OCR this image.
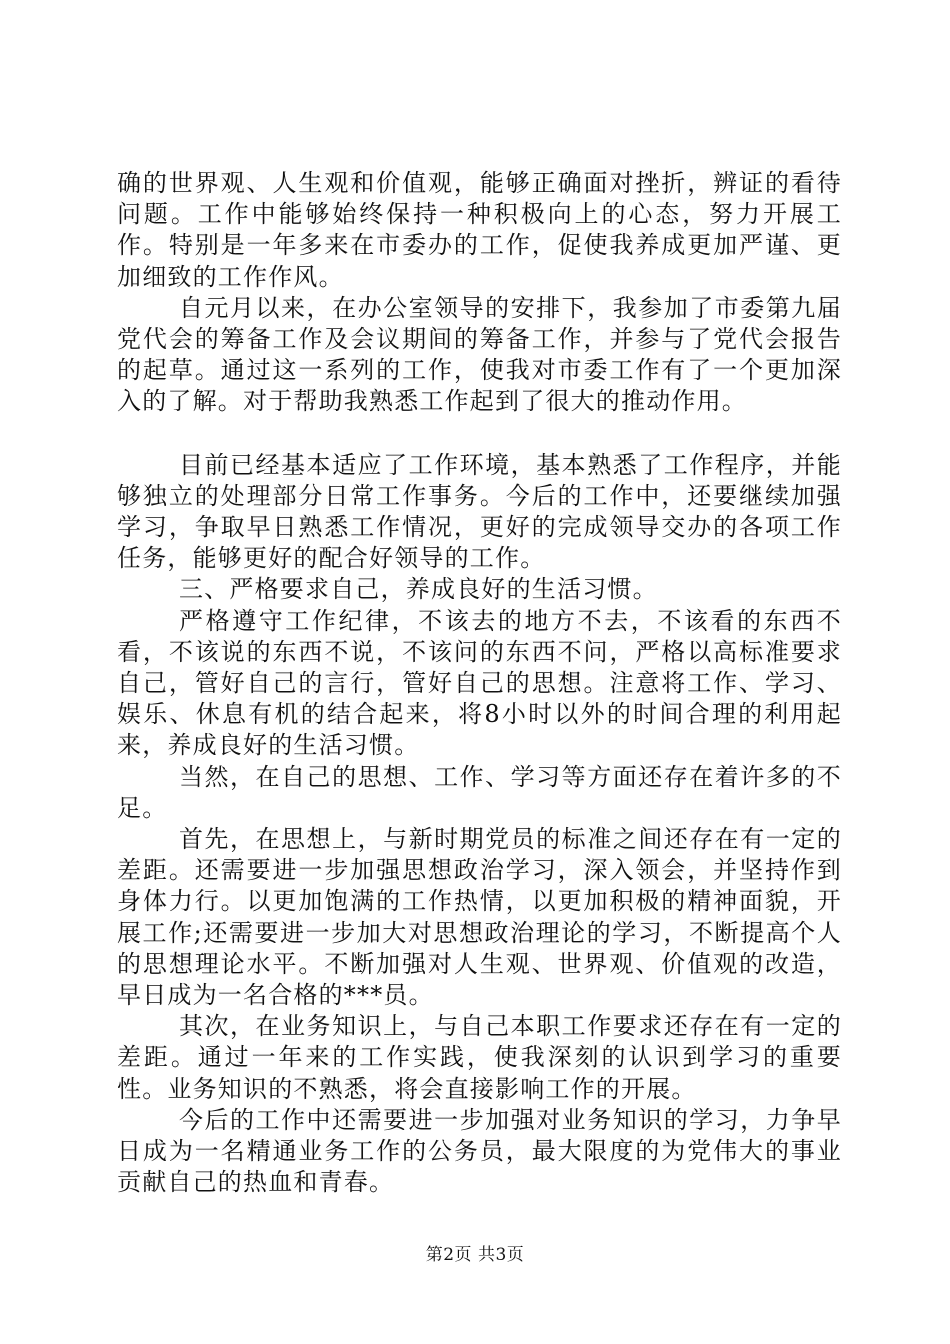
确的世界观、人生观和价值观，能够正确面对挫折，辨证的看待问题。工作中能够始终保持一种积极向上的心态，努力开展工作。特别是一年多来在市委办的工作，促使我养成更加严谨、更加细致的工作作风。

自元月以来，在办公室领导的安排下，我参加了市委第九届党代会的筹备工作及会议期间的筹备工作，并参与了党代会报告的起草。通过这一系列的工作，使我对市委工作有了一个更加深入的了解。对于帮助我熟悉工作起到了很大的推动作用。

目前已经基本适应了工作环境，基本熟悉了工作程序，并能够独立的处理部分日常工作事务。今后的工作中，还要继续加强学习，争取早日熟悉工作情况，更好的完成领导交办的各项工作任务，能够更好的配合好领导的工作。

三、严格要求自己，养成良好的生活习惯。

严格遵守工作纪律，不该去的地方不去，不该看的东西不看，不该说的东西不说，不该问的东西不问，严格以高标准要求自己，管好自己的言行，管好自己的思想。注意将工作、学习、娱乐、休息有机的结合起来，将8小时以外的时间合理的利用起来，养成良好的生活习惯。

当然，在自己的思想、工作、学习等方面还存在着许多的不足。

首先，在思想上，与新时期党员的标准之间还存在有一定的差距。还需要进一步加强思想政治学习，深入领会，并坚持作到身体力行。以更加饱满的工作热情，以更加积极的精神面貌，开展工作;还需要进一步加大对思想政治理论的学习，不断提高个人的思想理论水平。不断加强对人生观、世界观、价值观的改造，早日成为一名合格的***员。

其次，在业务知识上，与自己本职工作要求还存在有一定的差距。通过一年来的工作实践，使我深刻的认识到学习的重要性。业务知识的不熟悉，将会直接影响工作的开展。

今后的工作中还需要进一步加强对业务知识的学习，力争早日成为一名精通业务工作的公务员，最大限度的为党伟大的事业贡献自己的热血和青春。

第2页 共3页
